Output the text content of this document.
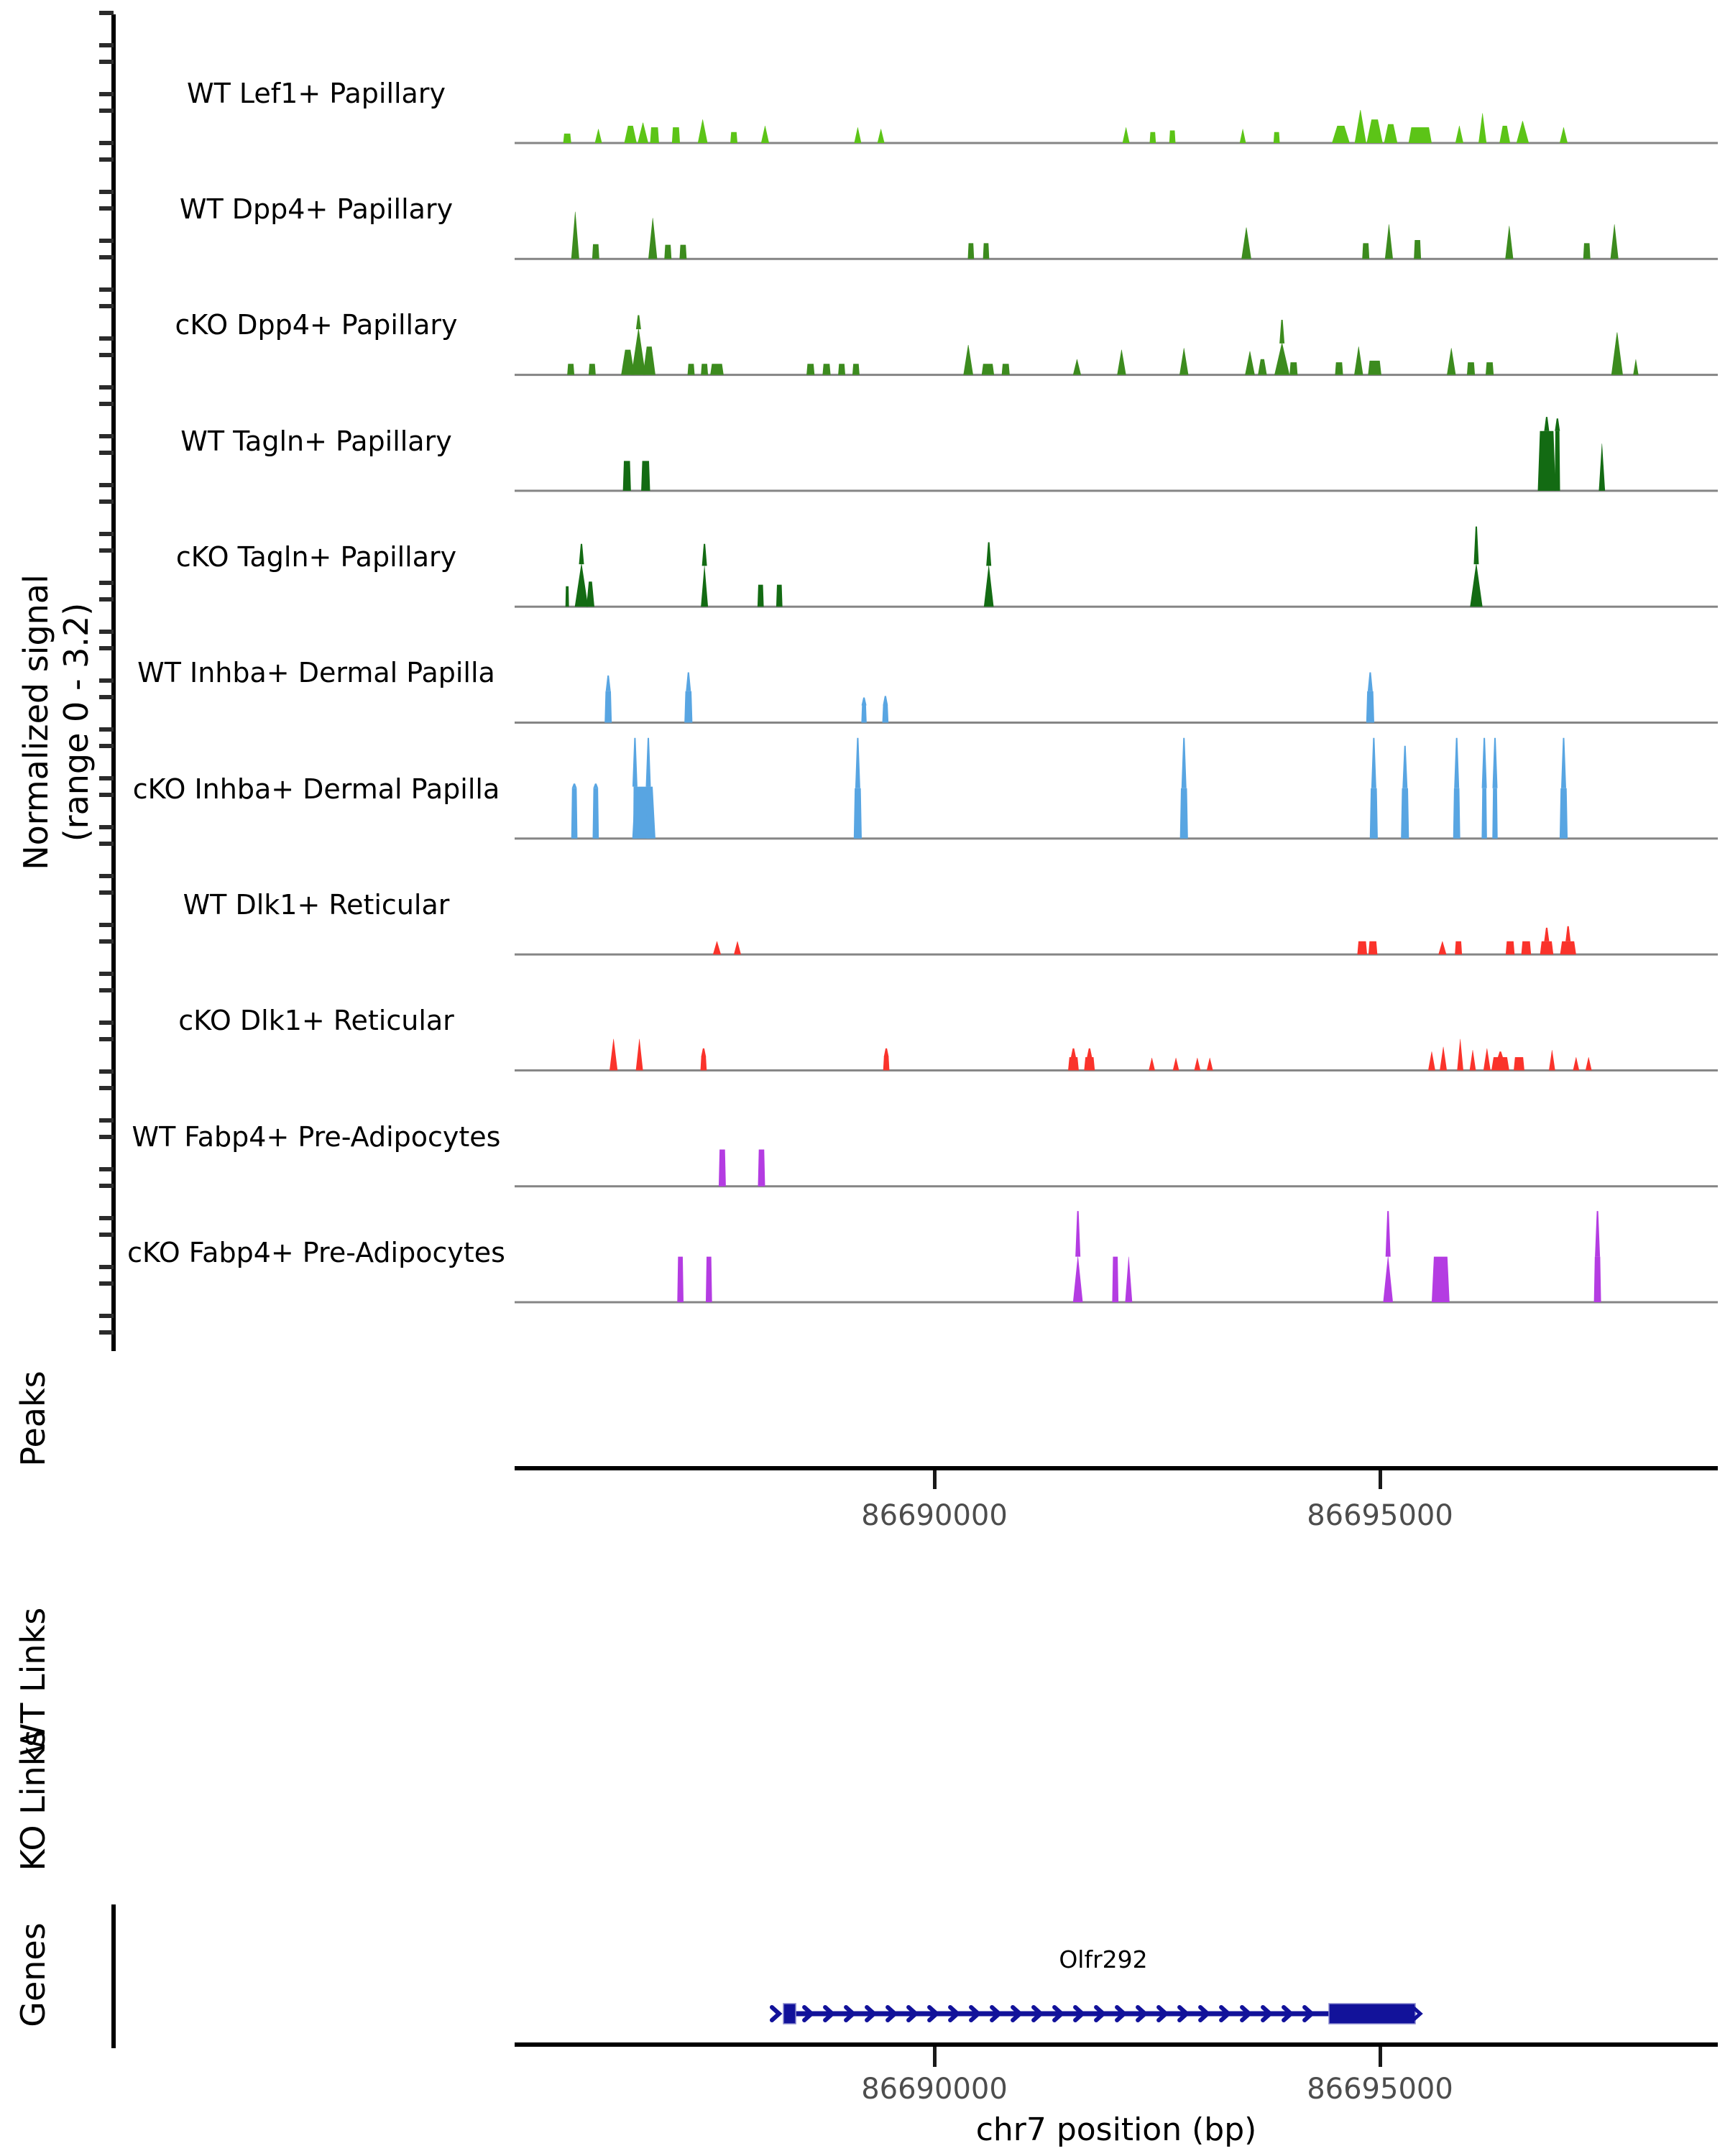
Normalized signal (range 0 - 3.2)
WT Lef1+ Papillary
WT Dpp4+ Papillary
cKO Dpp4+ Papillary
WT Tagln+ Papillary
cKO Tagln+ Papillary
WT Inhba+ Dermal Papilla
cKO Inhba+ Dermal Papilla
WT Dlk1+ Reticular
cKO Dlk1+ Reticular
WT Fabp4+ Pre-Adipocytes
cKO Fabp4+ Pre-Adipocytes
Peaks
WT Links
KO Links
Genes
86690000	86695000
Olfr292
86690000	86695000
chr7 position (bp)
